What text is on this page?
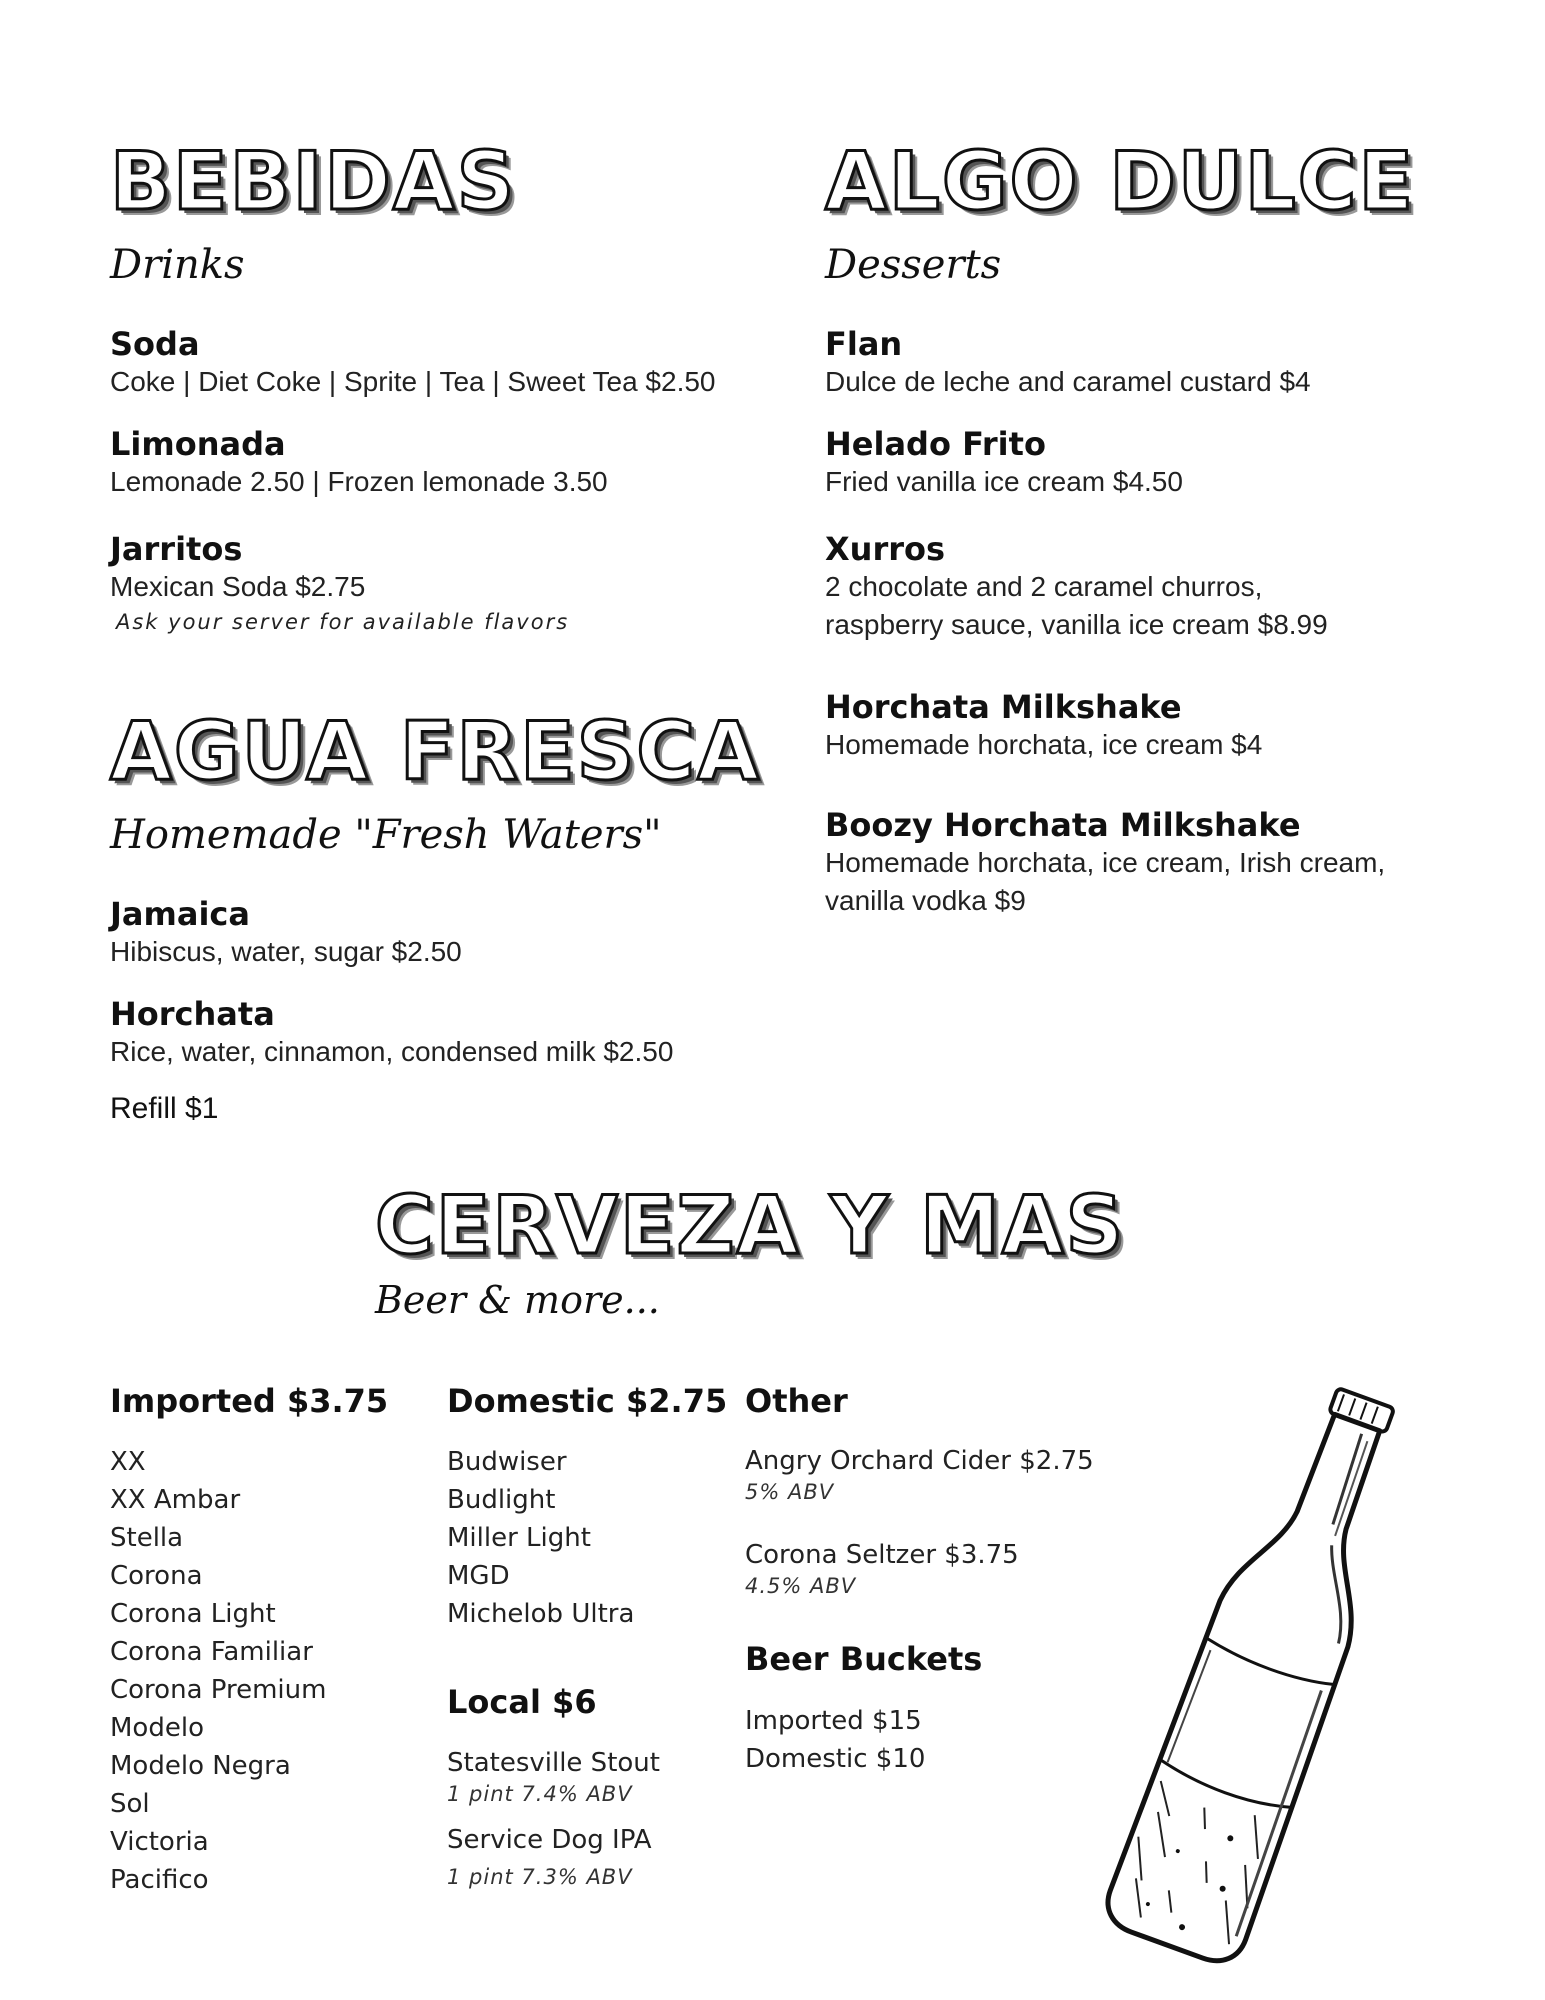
BEBIDAS
Drinks
Soda
Coke | Diet Coke | Sprite | Tea | Sweet Tea $2.50
Limonada
Lemonade 2.50 | Frozen lemonade 3.50
Jarritos
Mexican Soda $2.75
Ask your server for available flavors
AGUA FRESCA
Homemade "Fresh Waters"
Jamaica
Hibiscus, water, sugar $2.50
Horchata
Rice, water, cinnamon, condensed milk $2.50
Refill $1
ALGO DULCE
Desserts
Flan
Dulce de leche and caramel custard $4
Helado Frito
Fried vanilla ice cream $4.50
Xurros
2 chocolate and 2 caramel churros, raspberry sauce, vanilla ice cream $8.99
Horchata Milkshake
Homemade horchata, ice cream $4
Boozy Horchata Milkshake
Homemade horchata, ice cream, Irish cream, vanilla vodka $9
CERVEZA Y MAS
Beer & more...
Imported $3.75
XX
XX Ambar
Stella
Corona
Corona Light
Corona Familiar
Corona Premium
Modelo
Modelo Negra
Sol
Victoria
Pacifico
Domestic $2.75
Budwiser
Budlight
Miller Light
MGD
Michelob Ultra
Local $6
Statesville Stout
1 pint 7.4% ABV
Service Dog IPA
1 pint 7.3% ABV
Other
Angry Orchard Cider $2.75
5% ABV
Corona Seltzer $3.75
4.5% ABV
Beer Buckets
Imported $15
Domestic $10
